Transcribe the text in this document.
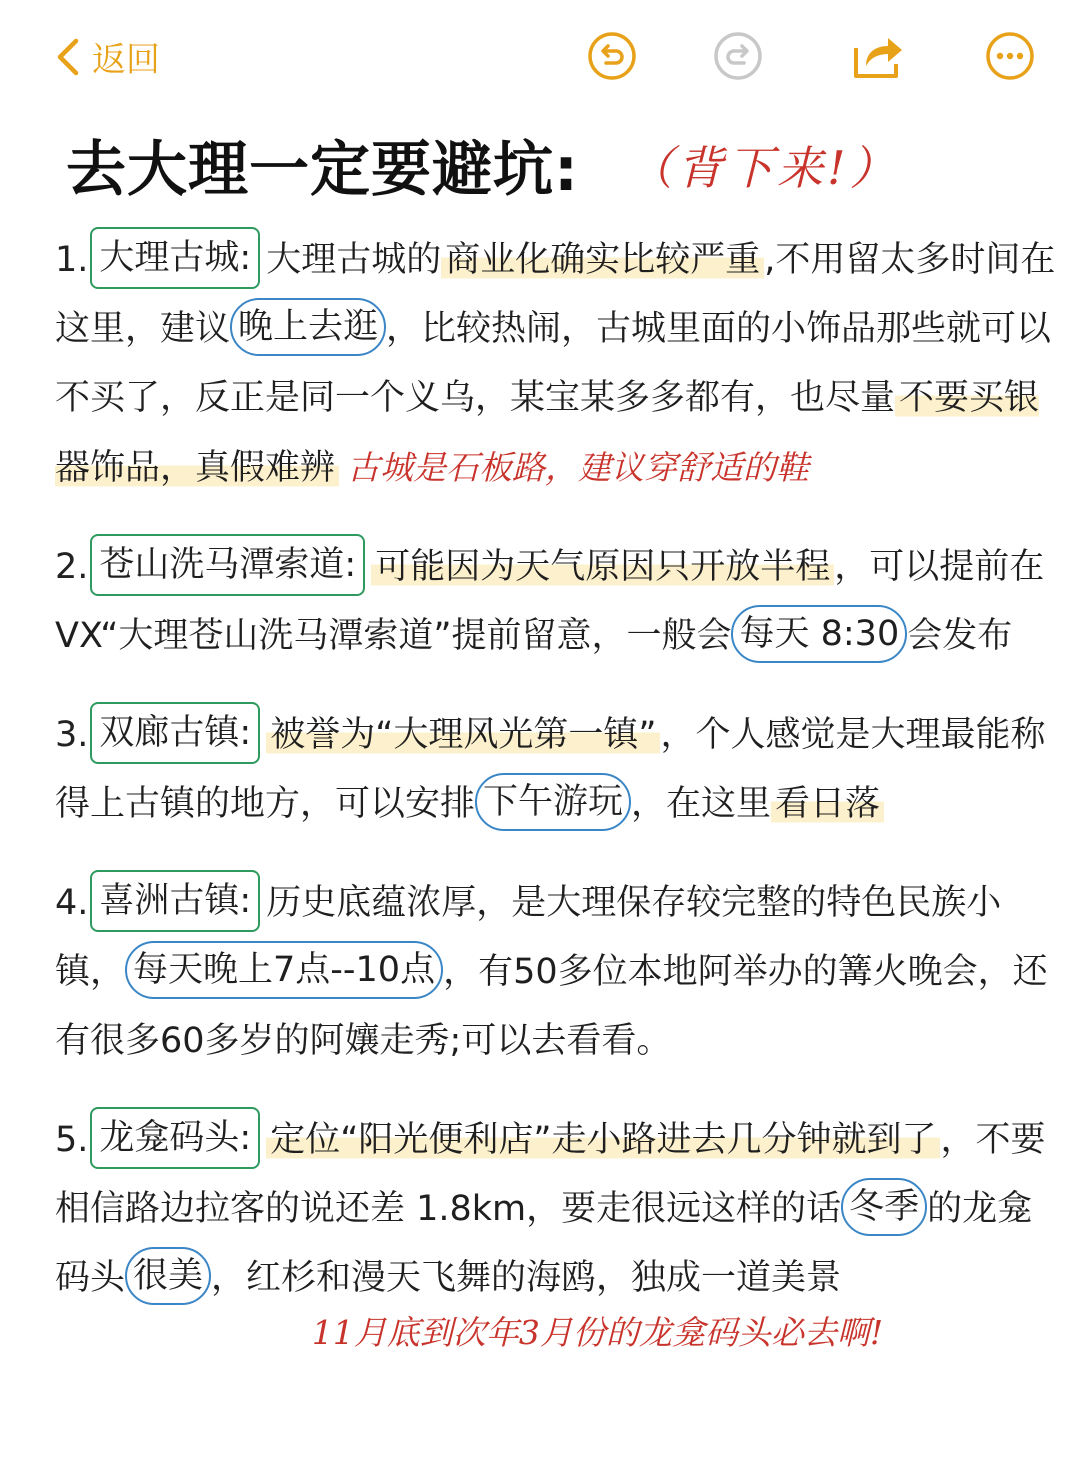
返回
去大理一定要避坑: （背下来!）
1. 大理古城: 大理古城的 商业化确实比较严重 ,不用留太多时间在这里，建议 晚上去逛 ，比较热闹，古城里面的小饰品那些就可以不买了，反正是同一个义乌，某宝某多多都有，也尽量 不要买银器饰品，真假难辨 古城是石板路，建议穿舒适的鞋
2. 苍山洗马潭索道: 可能因为天气原因只开放半程 ，可以提前在 VX“大理苍山洗马潭索道”提前留意，一般会 每天 8:30 会发布
3. 双廊古镇: 被誉为“大理风光第一镇” ，个人感觉是大理最能称得上古镇的地方，可以安排 下午游玩 ，在这里 看日落
4. 喜洲古镇: 历史底蕴浓厚，是大理保存较完整的特色民族小镇， 每天晚上7点--10点 ，有50多位本地阿举办的篝火晚会，还有很多60多岁的阿孃走秀;可以去看看。
5. 龙龛码头: 定位“阳光便利店”走小路进去几分钟就到了 ，不要相信路边拉客的说还差 1.8km，要走很远这样的话 冬季 的龙龛码头 很美 ，红杉和漫天飞舞的海鸥，独成一道美景
11月底到次年3月份的龙龛码头必去啊!
